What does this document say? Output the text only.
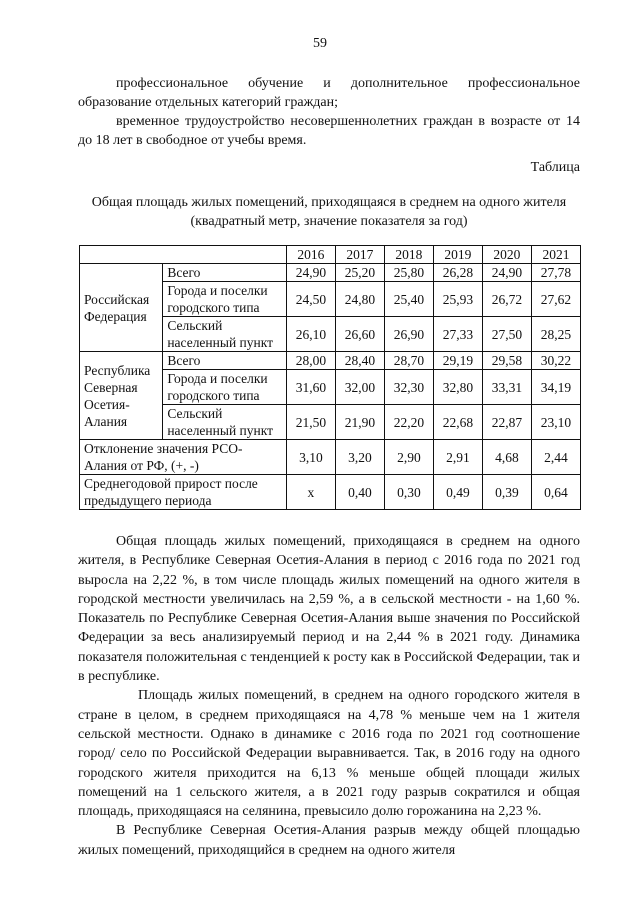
59

профессиональное обучение и дополнительное профессиональное образование отдельных категорий граждан;

временное трудоустройство несовершеннолетних граждан в возрасте от 14 до 18 лет в свободное от учебы время.

Таблица
Общая площадь жилых помещений, приходящаяся в среднем на одного жителя (квадратный метр, значение показателя за год)
		2016	2017	2018	2019	2020	2021
Российская Федерация	Всего	24,90	25,20	25,80	26,28	24,90	27,78
	Города и поселки городского типа	24,50	24,80	25,40	25,93	26,72	27,62
	Сельский населенный пункт	26,10	26,60	26,90	27,33	27,50	28,25
Республика Северная Осетия-Алания	Всего	28,00	28,40	28,70	29,19	29,58	30,22
	Города и поселки городского типа	31,60	32,00	32,30	32,80	33,31	34,19
	Сельский населенный пункт	21,50	21,90	22,20	22,68	22,87	23,10
Отклонение значения РСО-Алания от РФ, (+, -)		3,10	3,20	2,90	2,91	4,68	2,44
Среднегодовой прирост после предыдущего периода		х	0,40	0,30	0,49	0,39	0,64

Общая площадь жилых помещений, приходящаяся в среднем на одного жителя, в Республике Северная Осетия-Алания в период с 2016 года по 2021 год выросла на 2,22 %, в том числе площадь жилых помещений на одного жителя в городской местности увеличилась на 2,59 %, а в сельской местности - на 1,60 %. Показатель по Республике Северная Осетия-Алания выше значения по Российской Федерации за весь анализируемый период и на 2,44 % в 2021 году. Динамика показателя положительная с тенденцией к росту как в Российской Федерации, так и в республике.

Площадь жилых помещений, в среднем на одного городского жителя в стране в целом, в среднем приходящаяся на 4,78 % меньше чем на 1 жителя сельской местности. Однако в динамике с 2016 года по 2021 год соотношение город/ село по Российской Федерации выравнивается. Так, в 2016 году на одного городского жителя приходится на 6,13 % меньше общей площади жилых помещений на 1 сельского жителя, а в 2021 году разрыв сократился и общая площадь, приходящаяся на селянина, превысило долю горожанина на 2,23 %.

В Республике Северная Осетия-Алания разрыв между общей площадью жилых помещений, приходящийся в среднем на одного жителя
